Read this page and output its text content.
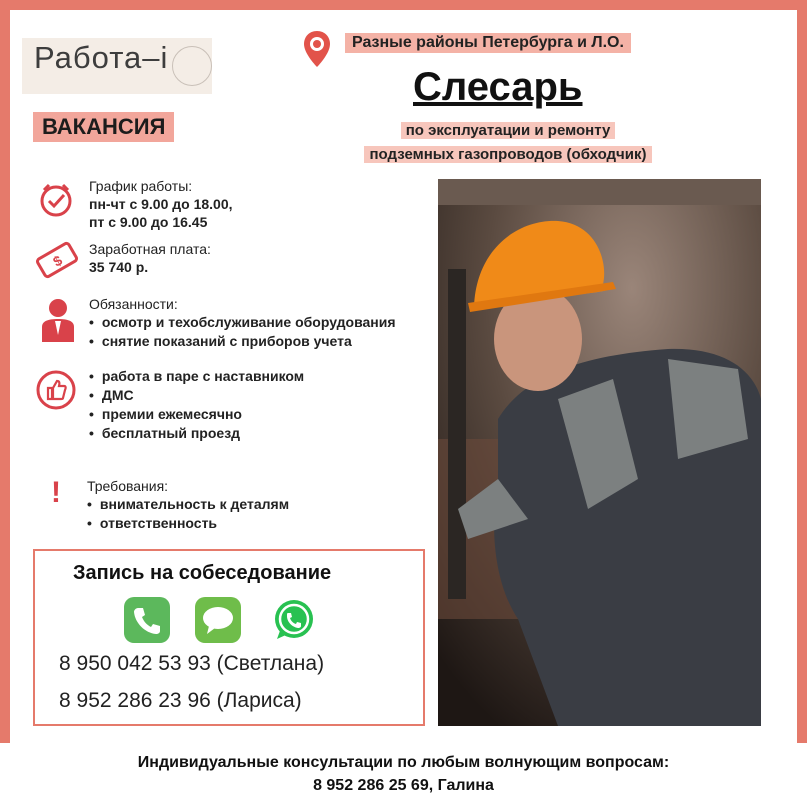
Работа–i
ВАКАНСИЯ
Разные районы Петербурга и Л.О.
Слесарь
по эксплуатации и ремонту
подземных газопроводов (обходчик)
График работы:
пн-чт с 9.00 до 18.00,
пт с 9.00 до 16.45
$
Заработная плата:
35 740 р.
Обязанности:
• осмотр и техобслуживание оборудования
• снятие показаний с приборов учета
• работа в паре с наставником
• ДМС
• премии ежемесячно
• бесплатный проезд
! Требования:
• внимательность к деталям
• ответственность
Запись на собеседование
8 950 042 53 93 (Светлана)
8 952 286 23 96 (Лариса)
Индивидуальные консультации по любым волнующим вопросам:
8 952 286 25 69, Галина
